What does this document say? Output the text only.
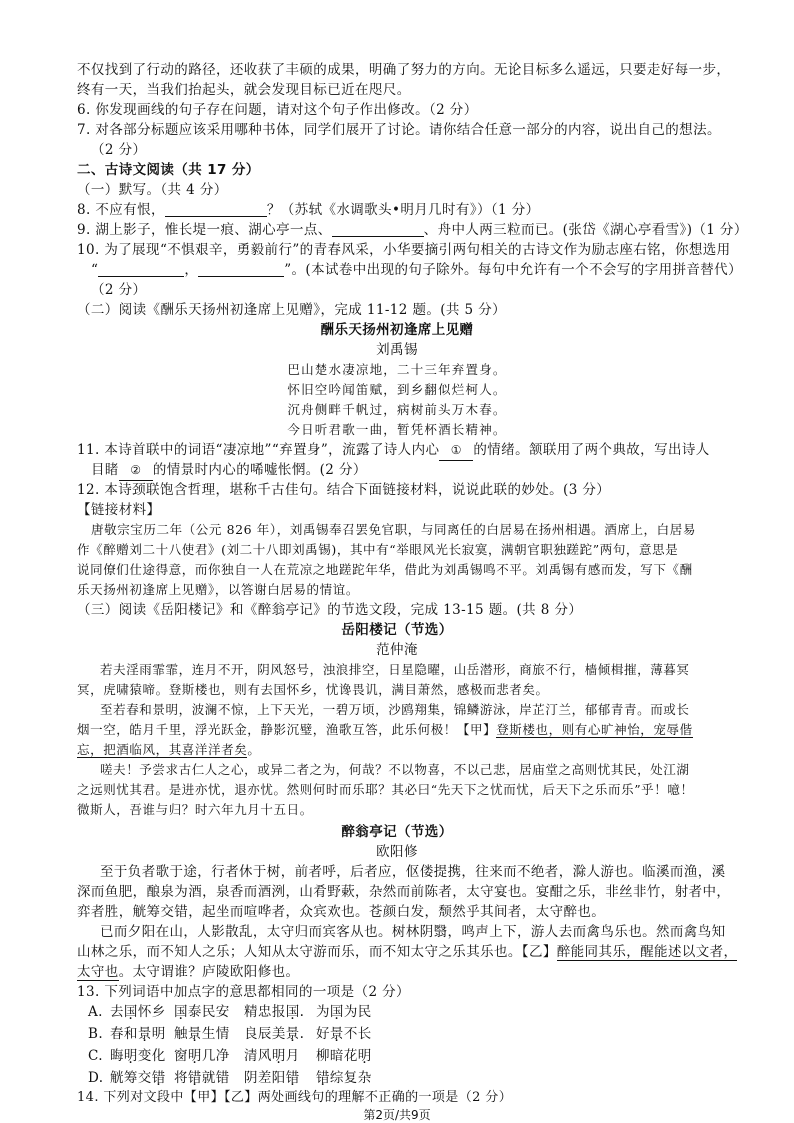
不仅找到了行动的路径，还收获了丰硕的成果，明确了努力的方向。无论目标多么遥远，只要走好每一步，
终有一天，当我们抬起头，就会发现目标已近在咫尺。
6. 你发现画线的句子存在问题，请对这个句子作出修改。（2 分）
7. 对各部分标题应该采用哪种书体，同学们展开了讨论。请你结合任意一部分的内容，说出自己的想法。
（2 分）
二、古诗文阅读（共 17 分）
（一）默写。（共 4 分）
8. 不应有恨，	？（苏轼《水调歌头•明月几时有》）（1 分）
9. 湖上影子，惟长堤一痕、湖心亭一点、	、舟中人两三粒而已。(张岱《湖心亭看雪》)（1 分）
10. 为了展现“不惧艰辛，勇毅前行”的青春风采，小华要摘引两句相关的古诗文作为励志座右铭，你想选用
“	，	”。(本试卷中出现的句子除外。每句中允许有一个不会写的字用拼音替代）
（2 分）
（二）阅读《酬乐天扬州初逢席上见赠》，完成 11-12 题。(共 5 分）
酬乐天扬州初逢席上见赠
刘禹锡
巴山楚水凄凉地，二十三年弃置身。
怀旧空吟闻笛赋，到乡翻似烂柯人。
沉舟侧畔千帆过，病树前头万木春。
今日听君歌一曲，暂凭杯酒长精神。
11. 本诗首联中的词语“凄凉地”“弃置身”，流露了诗人内心 ① 的情绪。颔联用了两个典故，写出诗人
目睹 ② 的情景时内心的唏嘘怅惘。(2 分）
12. 本诗颈联饱含哲理，堪称千古佳句。结合下面链接材料，说说此联的妙处。(3 分）
【链接材料】
唐敬宗宝历二年（公元 826 年），刘禹锡奉召罢免官职，与同离任的白居易在扬州相遇。酒席上，白居易
作《醉赠刘二十八使君》(刘二十八即刘禹锡)，其中有“举眼风光长寂寞，满朝官职独蹉跎”两句，意思是
说同僚们仕途得意，而你独自一人在荒凉之地蹉跎年华，借此为刘禹锡鸣不平。刘禹锡有感而发，写下《酬
乐天扬州初逢席上见赠》，以答谢白居易的情谊。
（三）阅读《岳阳楼记》和《醉翁亭记》的节选文段，完成 13-15 题。(共 8 分）
岳阳楼记（节选）
范仲淹
若夫淫雨霏霏，连月不开，阴风怒号，浊浪排空，日星隐曜，山岳潜形，商旅不行，樯倾楫摧，薄暮冥
冥，虎啸猿啼。登斯楼也，则有去国怀乡，忧谗畏讥，满目萧然，感极而悲者矣。
至若春和景明，波澜不惊，上下天光，一碧万顷，沙鸥翔集，锦鳞游泳，岸芷汀兰，郁郁青青。而或长
烟一空，皓月千里，浮光跃金，静影沉璧，渔歌互答，此乐何极！【甲】登斯楼也，则有心旷神怡，宠辱偕
忘，把酒临风，其喜洋洋者矣。
嗟夫！予尝求古仁人之心，或异二者之为，何哉？不以物喜，不以己悲，居庙堂之高则忧其民，处江湖
之远则忧其君。是进亦忧，退亦忧。然则何时而乐耶？其必曰“先天下之忧而忧，后天下之乐而乐”乎！噫！
微斯人，吾谁与归？时六年九月十五日。
醉翁亭记（节选）
欧阳修
至于负者歌于途，行者休于树，前者呼，后者应，伛偻提携，往来而不绝者，滁人游也。临溪而渔，溪
深而鱼肥，酿泉为酒，泉香而酒洌，山肴野蔌，杂然而前陈者，太守宴也。宴酣之乐，非丝非竹，射者中，
弈者胜，觥筹交错，起坐而喧哗者，众宾欢也。苍颜白发，颓然乎其间者，太守醉也。
已而夕阳在山，人影散乱，太守归而宾客从也。树林阴翳，鸣声上下，游人去而禽鸟乐也。然而禽鸟知
山林之乐，而不知人之乐；人知从太守游而乐，而不知太守之乐其乐也。【乙】醉能同其乐，醒能述以文者，
太守也。太守谓谁？庐陵欧阳修也。
13. 下列词语中加点字的意思都相同的一项是（2 分）
A. 去国怀乡 国泰民安 精忠报国. 为国为民
B. 春和景明 触景生情 良辰美景. 好景不长
C. 晦明变化 窗明几净 清风明月 柳暗花明
D. 觥筹交错 将错就错 阴差阳错 错综复杂
第2页/共9页
14. 下列对文段中【甲】【乙】两处画线句的理解不正确的一项是（2 分）
